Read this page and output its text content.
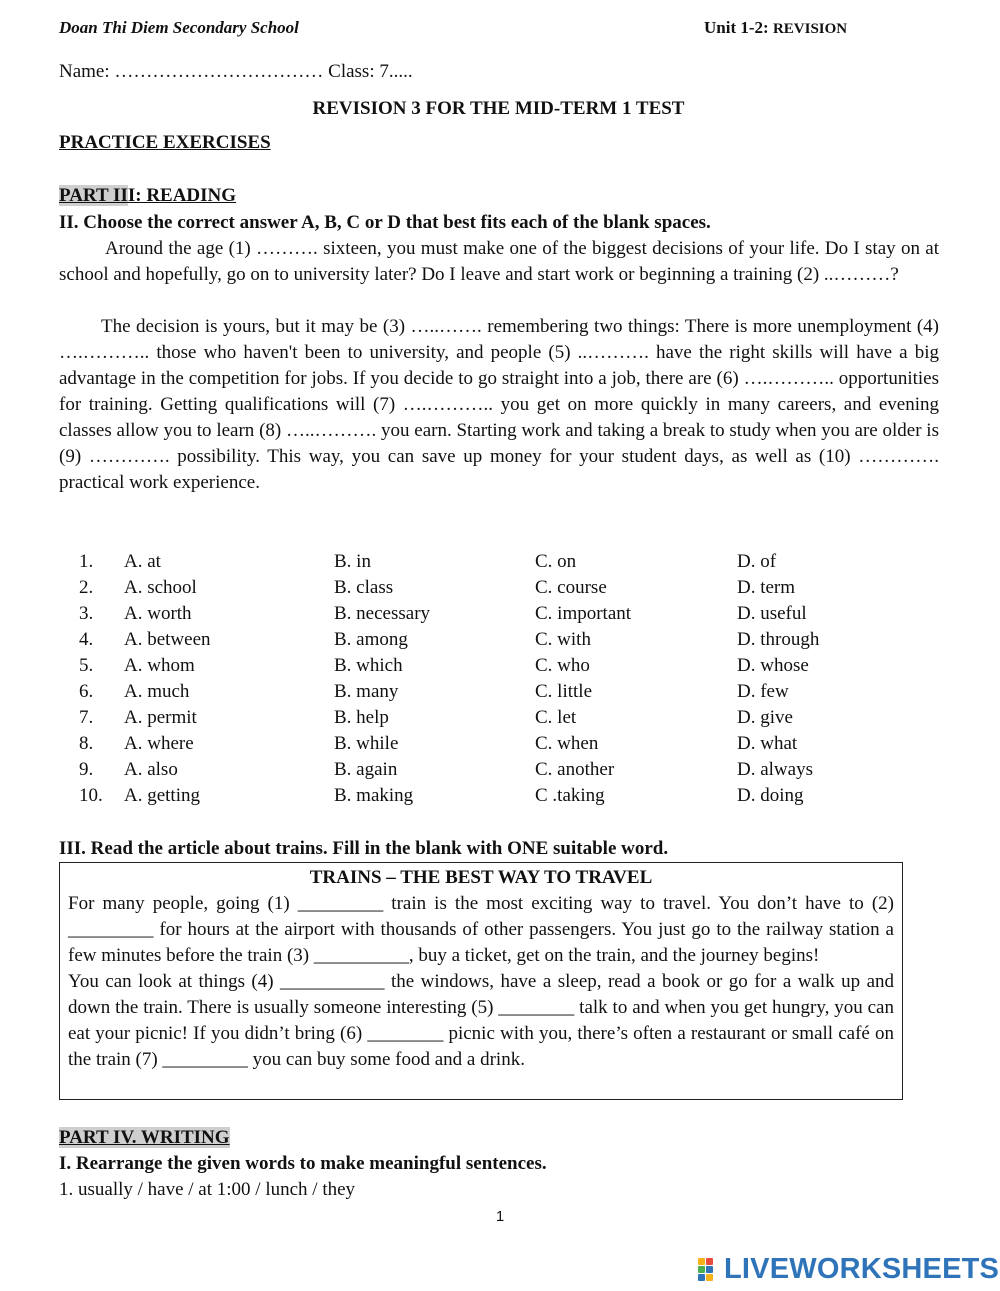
Doan Thi Diem Secondary School	Unit 1-2: REVISION
Name: …………………………… Class: 7.....
REVISION 3 FOR THE MID-TERM 1 TEST
PRACTICE EXERCISES
PART III: READING
II. Choose the correct answer A, B, C or D that best fits each of the blank spaces.
Around the age (1) ………. sixteen, you must make one of the biggest decisions of your life. Do I stay on at school and hopefully, go on to university later? Do I leave and start work or beginning a training (2) ..………?
The decision is yours, but it may be (3) …..……. remembering two things: There is more unemployment (4) ….……….. those who haven't been to university, and people (5) ..………. have the right skills will have a big advantage in the competition for jobs. If you decide to go straight into a job, there are (6) ….……….. opportunities for training. Getting qualifications will (7) ….……….. you get on more quickly in many careers, and evening classes allow you to learn (8) …..………. you earn. Starting work and taking a break to study when you are older is (9) …………. possibility. This way, you can save up money for your student days, as well as (10) …………. practical work experience.
1.	A. at	B. in	C. on	D. of
2.	A. school	B. class	C. course	D. term
3.	A. worth	B. necessary	C. important	D. useful
4.	A. between	B. among	C. with	D. through
5.	A. whom	B. which	C. who	D. whose
6.	A. much	B. many	C. little	D. few
7.	A. permit	B. help	C. let	D. give
8.	A. where	B. while	C. when	D. what
9.	A. also	B. again	C. another	D. always
10.	A. getting	B. making	C .taking	D. doing
III. Read the article about trains. Fill in the blank with ONE suitable word.
TRAINS – THE BEST WAY TO TRAVEL
For many people, going (1) _________ train is the most exciting way to travel. You don’t have to (2) _________ for hours at the airport with thousands of other passengers. You just go to the railway station a few minutes before the train (3) __________, buy a ticket, get on the train, and the journey begins!
You can look at things (4) ___________ the windows, have a sleep, read a book or go for a walk up and down the train. There is usually someone interesting (5) ________ talk to and when you get hungry, you can eat your picnic! If you didn’t bring (6) ________ picnic with you, there’s often a restaurant or small café on the train (7) _________ you can buy some food and a drink.
PART IV. WRITING
I. Rearrange the given words to make meaningful sentences.
1. usually / have / at 1:00 / lunch / they
1
LIVEWORKSHEETS
